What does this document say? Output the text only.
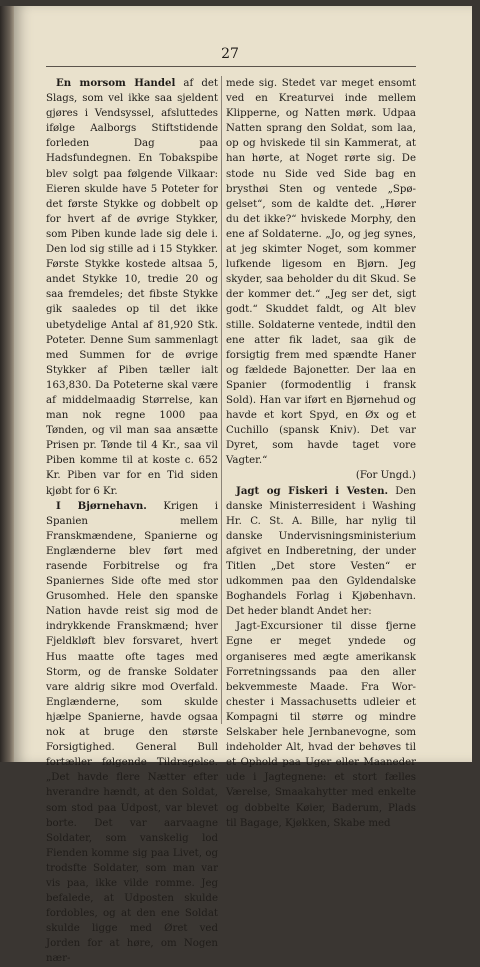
27

En morsom Handel af det Slags, som vel ikke saa sjeldent gjøres i Vendsyssel, afsluttedes ifølge Aalborgs Stiftstidende forleden Dag paa Hadsfundegnen. En Tobakspibe blev solgt paa følgende Vilkaar: Eieren skulde have 5 Poteter for det første Stykke og dobbelt op for hvert af de øvrige Stykker, som Piben kunde lade sig dele i. Den lod sig stille ad i 15 Stykker. Første Stykke kostede altsaa 5, andet Stykke 10, tredie 20 og saa fremdeles; det fibste Stykke gik saaledes op til det ikke ubetydelige Antal af 81,920 Stk. Poteter. Denne Sum sammenlagt med Summen for de øvrige Stykker af Piben tæller ialt 163,830. Da Poteterne skal være af middelmaadig Størrelse, kan man nok regne 1000 paa Tønden, og vil man saa ansætte Prisen pr. Tønde til 4 Kr., saa vil Piben komme til at koste c. 652 Kr. Piben var for en Tid siden kjøbt for 6 Kr.

I Bjørnehavn. Krigen i Spanien mellem Franskmændene, Spanierne og Englænderne blev ført med rasende Forbitrelse og fra Spaniernes Side ofte med stor Grusomhed. Hele den spanske Nation havde reist sig mod de indrykkende Franskmænd; hver Fjeldkløft blev forsvaret, hvert Hus maatte ofte tages med Storm, og de franske Soldater vare aldrig sikre mod Overfald. Englænderne, som skulde hjælpe Spanierne, havde ogsaa nok at bruge den største Forsigtighed. General Bull fortæller følgende Tildragelse. „Det havde flere Nætter efter hverandre hændt, at den Soldat, som stod paa Udpost, var blevet borte. Det var aarvaagne Soldater, som vanskelig lod Fienden komme sig paa Livet, og trodsfte Soldater, som man var vis paa, ikke vilde romme. Jeg befalede, at Udposten skulde fordobles, og at den ene Soldat skulde ligge med Øret ved Jorden for at høre, om Nogen nær-

mede sig. Stedet var meget ensomt ved en Kreaturvei inde mellem Klipperne, og Natten mørk. Udpaa Natten sprang den Soldat, som laa, op og hviskede til sin Kammerat, at han hørte, at Noget rørte sig. De stode nu Side ved Side bag en brysthøi Sten og ventede „Spøgelset“, som de kaldte det. „Hører du det ikke?“ hviskede Morphy, den ene af Soldaterne. „Jo, og jeg synes, at jeg skimter Noget, som kommer lufkende ligesom en Bjørn. Jeg skyder, saa beholder du dit Skud. Se der kommer det.“ „Jeg ser det, sigt godt.“ Skuddet faldt, og Alt blev stille. Soldaterne ventede, indtil den ene atter fik ladet, saa gik de forsigtig frem med spændte Haner og fældede Bajonetter. Der laa en Spanier (formodentlig i fransk Sold). Han var iført en Bjørnehud og havde et kort Spyd, en Øx og et Cuchillo (spansk Kniv). Det var Dyret, som havde taget vore Vagter.“

(For Ungd.)

Jagt og Fiskeri i Vesten. Den danske Ministerresident i Washing Hr. C. St. A. Bille, har nylig til danske Undervisningsministerium afgivet en Indberetning, der under Titlen „Det store Vesten“ er udkommen paa den Gyldendalske Boghandels Forlag i Kjøbenhavn. Det heder blandt Andet her:

Jagt-Excursioner til disse fjerne Egne er meget yndede og organiseres med ægte amerikansk Forretningssands paa den aller bekvemmeste Maade. Fra Worchester i Massachusetts udleier et Kompagni til større og mindre Selskaber hele Jernbanevogne, som indeholder Alt, hvad der behøves til et Ophold paa Uger eller Maaneder ude i Jagtegnene: et stort fælles Værelse, Smaakahytter med enkelte og dobbelte Køier, Baderum, Plads til Bagage, Kjøkken, Skabe med
